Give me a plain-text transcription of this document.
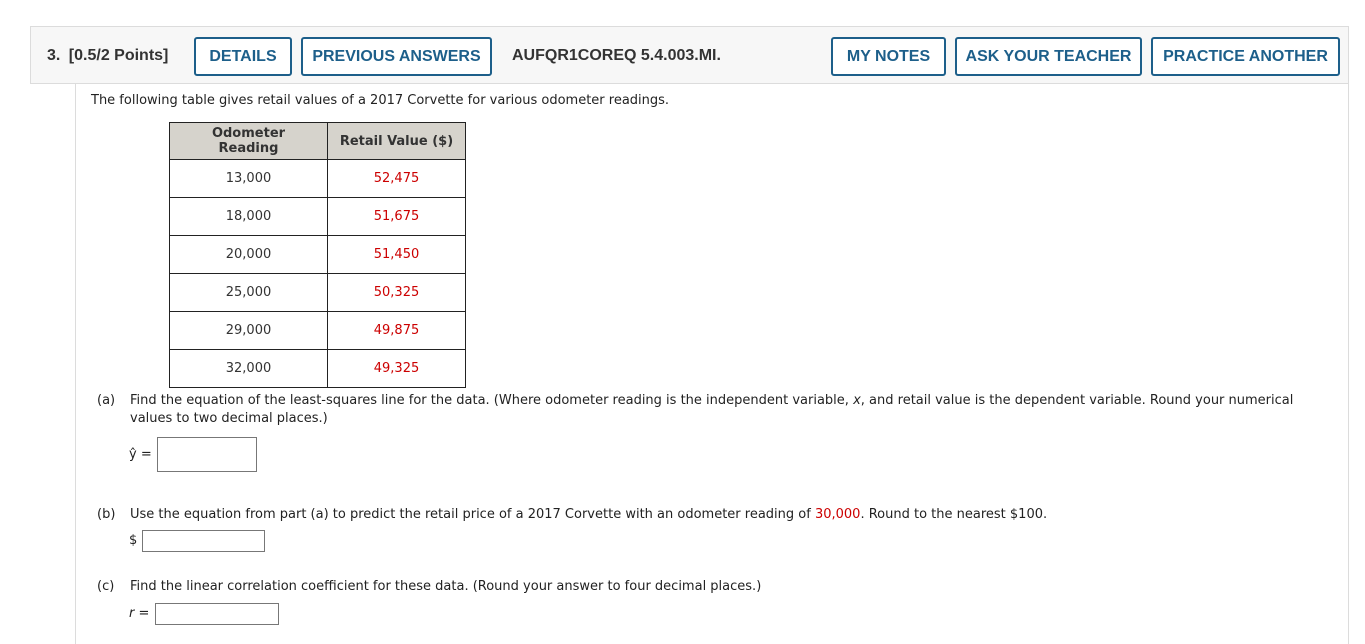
3. [0.5/2 Points]	DETAILS	PREVIOUS ANSWERS	AUFQR1COREQ 5.4.003.MI.	MY NOTES	ASK YOUR TEACHER	PRACTICE ANOTHER
The following table gives retail values of a 2017 Corvette for various odometer readings.
Odometer Reading	Retail Value ($)
13,000	52,475
18,000	51,675
20,000	51,450
25,000	50,325
29,000	49,875
32,000	49,325
(a) Find the equation of the least-squares line for the data. (Where odometer reading is the independent variable, x, and retail value is the dependent variable. Round your numerical
values to two decimal places.)
ŷ =
(b) Use the equation from part (a) to predict the retail price of a 2017 Corvette with an odometer reading of 30,000. Round to the nearest $100.
$
(c) Find the linear correlation coefficient for these data. (Round your answer to four decimal places.)
r =
